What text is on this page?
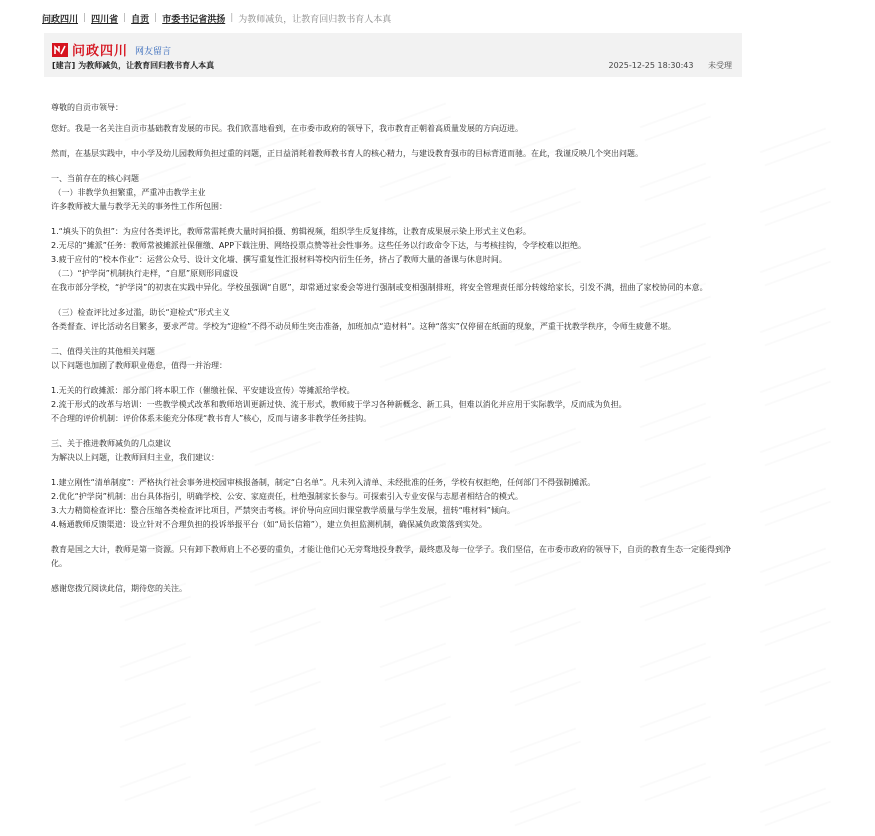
问政四川 | 四川省 | 自贡 | 市委书记省洪扬 | 为教师减负，让教育回归教书育人本真
问政四川 网友留言
[建言] 为教师减负，让教育回归教书育人本真	2025-12-25 18:30:43 未受理

尊敬的自贡市领导：

您好。我是一名关注自贡市基础教育发展的市民。我们欣喜地看到，在市委市政府的领导下，我市教育正朝着高质量发展的方向迈进。

然而，在基层实践中，中小学及幼儿园教师负担过重的问题，正日益消耗着教师教书育人的核心精力，与建设教育强市的目标背道而驰。在此，我谨反映几个突出问题。

一、当前存在的核心问题

（一）非教学负担繁重，严重冲击教学主业

许多教师被大量与教学无关的事务性工作所包围：

1.“填头下的负担”：为应付各类评比，教师常需耗费大量时间拍摄、剪辑视频，组织学生反复排练，让教育成果展示染上形式主义色彩。

2.无尽的“摊派”任务：教师常被摊派社保催缴、APP下载注册、网络投票点赞等社会性事务。这些任务以行政命令下达，与考核挂钩，令学校难以拒绝。

3.疲于应付的“校本作业”：运营公众号、设计文化墙、撰写重复性汇报材料等校内衍生任务，挤占了教师大量的备课与休息时间。

（二）“护学岗”机制执行走样，“自愿”原则形同虚设

在我市部分学校，“护学岗”的初衷在实践中异化。学校虽强调“自愿”，却常通过家委会等进行强制或变相强制排班，将安全管理责任部分转嫁给家长，引发不满，扭曲了家校协同的本意。

（三）检查评比过多过滥，助长“迎检式”形式主义

各类督查、评比活动名目繁多，要求严苛。学校为“迎检”不得不动员师生突击准备，加班加点“造材料”。这种“落实”仅停留在纸面的现象，严重干扰教学秩序，令师生疲惫不堪。

二、值得关注的其他相关问题

以下问题也加剧了教师职业倦怠，值得一并治理：

1.无关的行政摊派：部分部门将本职工作（催缴社保、平安建设宣传）等摊派给学校。

2.流于形式的改革与培训：一些教学模式改革和教师培训更新过快、流于形式，教师疲于学习各种新概念、新工具，但难以消化并应用于实际教学，反而成为负担。

不合理的评价机制：评价体系未能充分体现“教书育人”核心，反而与诸多非教学任务挂钩。

三、关于推进教师减负的几点建议

为解决以上问题，让教师回归主业，我们建议：

1.建立刚性“清单制度”：严格执行社会事务进校园审核报备制，制定“白名单”。凡未列入清单、未经批准的任务，学校有权拒绝，任何部门不得强制摊派。

2.优化“护学岗”机制：出台具体指引，明确学校、公安、家庭责任，杜绝强制家长参与。可探索引入专业安保与志愿者相结合的模式。

3.大力精简检查评比：整合压缩各类检查评比项目，严禁突击考核。评价导向应回归课堂教学质量与学生发展，扭转“唯材料”倾向。

4.畅通教师反馈渠道：设立针对不合理负担的投诉举报平台（如“局长信箱”），建立负担监测机制，确保减负政策落到实处。

教育是国之大计，教师是第一资源。只有卸下教师肩上不必要的重负，才能让他们心无旁骛地投身教学，最终惠及每一位学子。我们坚信，在市委市政府的领导下，自贡的教育生态一定能得到净化。

感谢您拨冗阅读此信，期待您的关注。
